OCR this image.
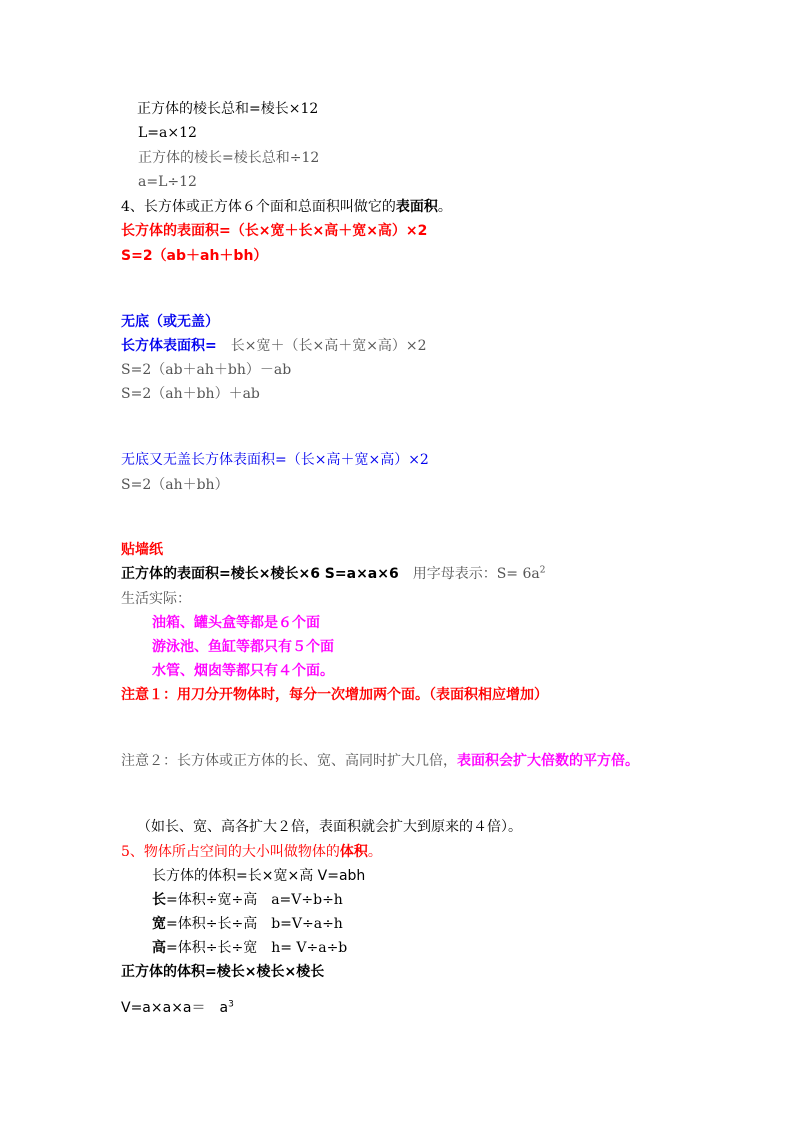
正方体的棱长总和=棱长×12
L=a×12
正方体的棱长=棱长总和÷12
a=L÷12
4、长方体或正方体６个面和总面积叫做它的表面积。
长方体的表面积=（长×宽＋长×高＋宽×高）×2
S=2（ab＋ah＋bh）
无底（或无盖）
长方体表面积=　长×宽＋（长×高＋宽×高）×2
S=2（ab＋ah＋bh）－ab
S=2（ah＋bh）＋ab
无底又无盖长方体表面积=（长×高＋宽×高）×2
S=2（ah＋bh）
贴墙纸
正方体的表面积=棱长×棱长×6 S=a×a×6　用字母表示：$S= 6a^2$
生活实际：
油箱、罐头盒等都是６个面
游泳池、鱼缸等都只有５个面
水管、烟囱等都只有４个面。
注意１：用刀分开物体时，每分一次增加两个面。（表面积相应增加）
注意２：长方体或正方体的长、宽、高同时扩大几倍，表面积会扩大倍数的平方倍。
（如长、宽、高各扩大２倍，表面积就会扩大到原来的４倍）。
5、物体所占空间的大小叫做物体的体积。
长方体的体积=长×宽×高 V=abh
长=体积÷宽÷高　a=V÷b÷h
宽=体积÷长÷高　b=V÷a÷h
高=体积÷长÷宽　h= V÷a÷b
正方体的体积=棱长×棱长×棱长
V=a×a×a＝　$a^3$
